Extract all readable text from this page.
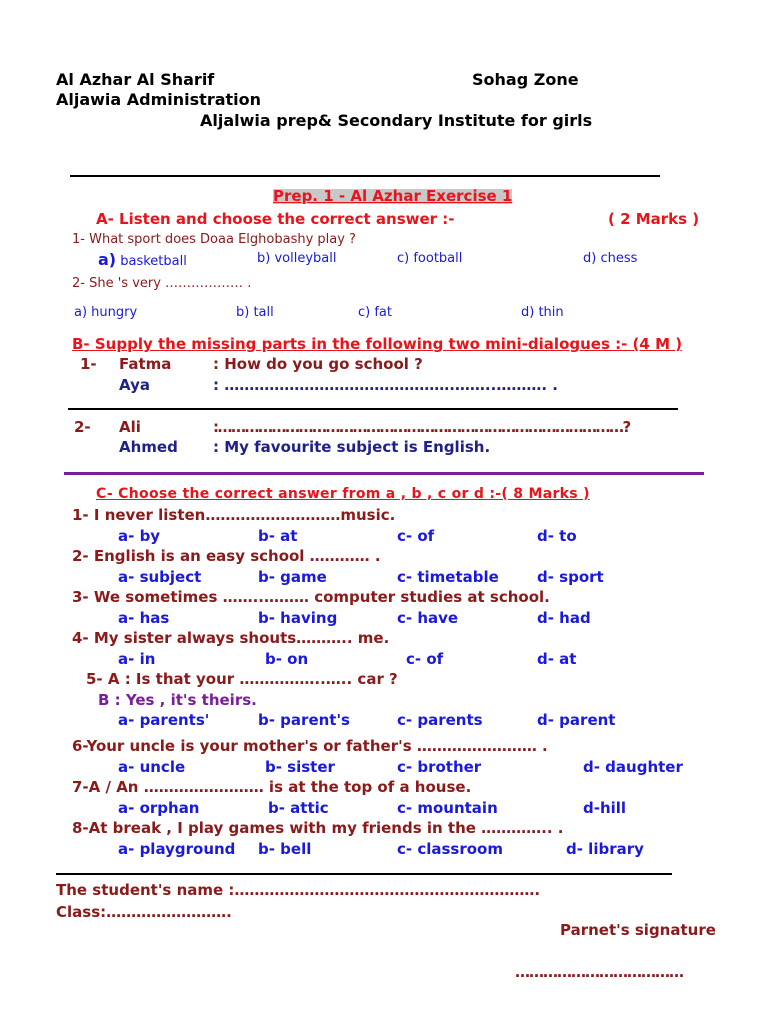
Al Azhar Al Sharif
Aljawia Administration
Sohag Zone
Aljalwia prep& Secondary Institute for girls
Prep. 1 - Al Azhar Exercise 1
A- Listen and choose the correct answer :-	( 2 Marks )
1- What sport does Doaa Elghobashy play ?
a) basketball	b) volleyball	c) football	d) chess
2- She 's very ……………… .
a) hungry	b) tall	c) fat	d) thin
B- Supply the missing parts in the following two mini-dialogues :- (4 M )
1- Fatma	: How do you go school ?
Aya	: ……………………………………….……..………. .
2- Ali	:………………………………………………………………………………?
Ahmed : My favourite subject is English.
C- Choose the correct answer from a , b , c or d :-( 8 Marks )
1- I never listen………………………music.
a- by	b- at	c- of	d- to
2- English is an easy school ………… .
a- subject	b- game	c- timetable	d- sport
3- We sometimes ……..……… computer studies at school.
a- has	b- having	c- have	d- had
4- My sister always shouts……….. me.
a- in	b- on	c- of	d- at
5- A : Is that your ……………..….. car ?
B : Yes , it's theirs.
a- parents'	b- parent's	c- parents	d- parent
6-Your uncle is your mother's or father's …………………… .
a- uncle	b- sister	c- brother	d- daughter
7-A / An …………………… is at the top of a house.
a- orphan	b- attic	c- mountain	d-hill
8-At break , I play games with my friends in the ………….. .
a- playground b- bell	c- classroom	d- library
The student's name :…………………………………………………….
Class:…………………….
Parnet's signature
………………………………
